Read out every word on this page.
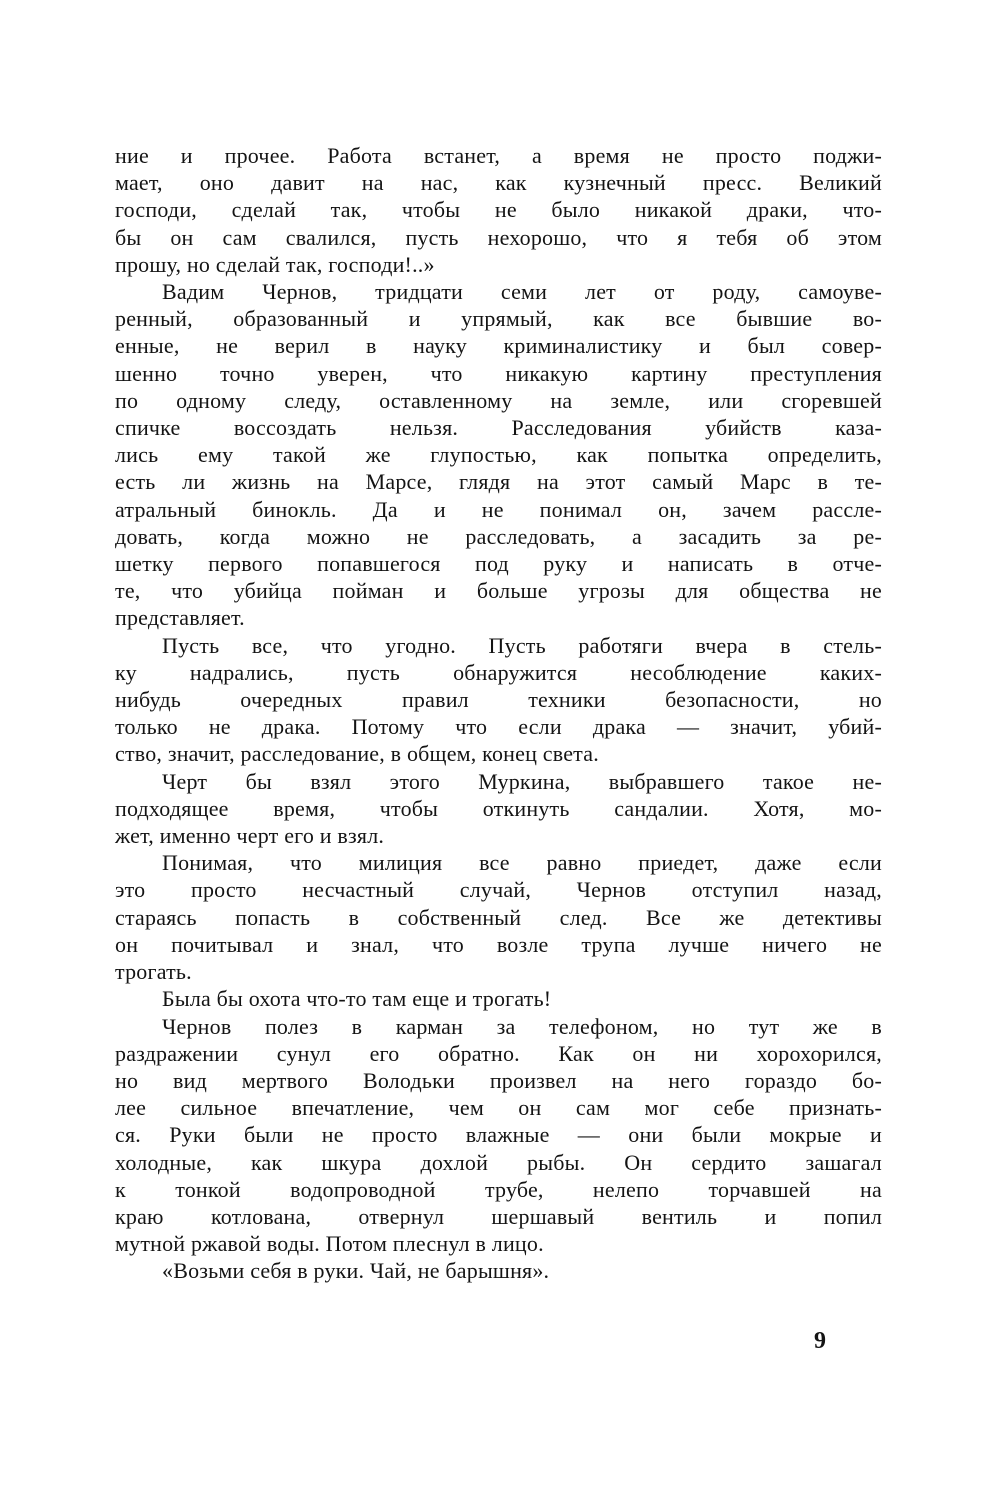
ние и прочее. Работа встанет, а время не просто поджи-
мает, оно давит на нас, как кузнечный пресс. Великий
господи, сделай так, чтобы не было никакой драки, что-
бы он сам свалился, пусть нехорошо, что я тебя об этом
прошу, но сделай так, господи!..»
Вадим Чернов, тридцати семи лет от роду, самоуве-
ренный, образованный и упрямый, как все бывшие во-
енные, не верил в науку криминалистику и был совер-
шенно точно уверен, что никакую картину преступления
по одному следу, оставленному на земле, или сгоревшей
спичке воссоздать нельзя. Расследования убийств каза-
лись ему такой же глупостью, как попытка определить,
есть ли жизнь на Марсе, глядя на этот самый Марс в те-
атральный бинокль. Да и не понимал он, зачем рассле-
довать, когда можно не расследовать, а засадить за ре-
шетку первого попавшегося под руку и написать в отче-
те, что убийца пойман и больше угрозы для общества не
представляет.
Пусть все, что угодно. Пусть работяги вчера в стель-
ку надрались, пусть обнаружится несоблюдение каких-
нибудь очередных правил техники безопасности, но
только не драка. Потому что если драка — значит, убий-
ство, значит, расследование, в общем, конец света.
Черт бы взял этого Муркина, выбравшего такое не-
подходящее время, чтобы откинуть сандалии. Хотя, мо-
жет, именно черт его и взял.
Понимая, что милиция все равно приедет, даже если
это просто несчастный случай, Чернов отступил назад,
стараясь попасть в собственный след. Все же детективы
он почитывал и знал, что возле трупа лучше ничего не
трогать.
Была бы охота что-то там еще и трогать!
Чернов полез в карман за телефоном, но тут же в
раздражении сунул его обратно. Как он ни хорохорился,
но вид мертвого Володьки произвел на него гораздо бо-
лее сильное впечатление, чем он сам мог себе признать-
ся. Руки были не просто влажные — они были мокрые и
холодные, как шкура дохлой рыбы. Он сердито зашагал
к тонкой водопроводной трубе, нелепо торчавшей на
краю котлована, отвернул шершавый вентиль и попил
мутной ржавой воды. Потом плеснул в лицо.
«Возьми себя в руки. Чай, не барышня».
9
